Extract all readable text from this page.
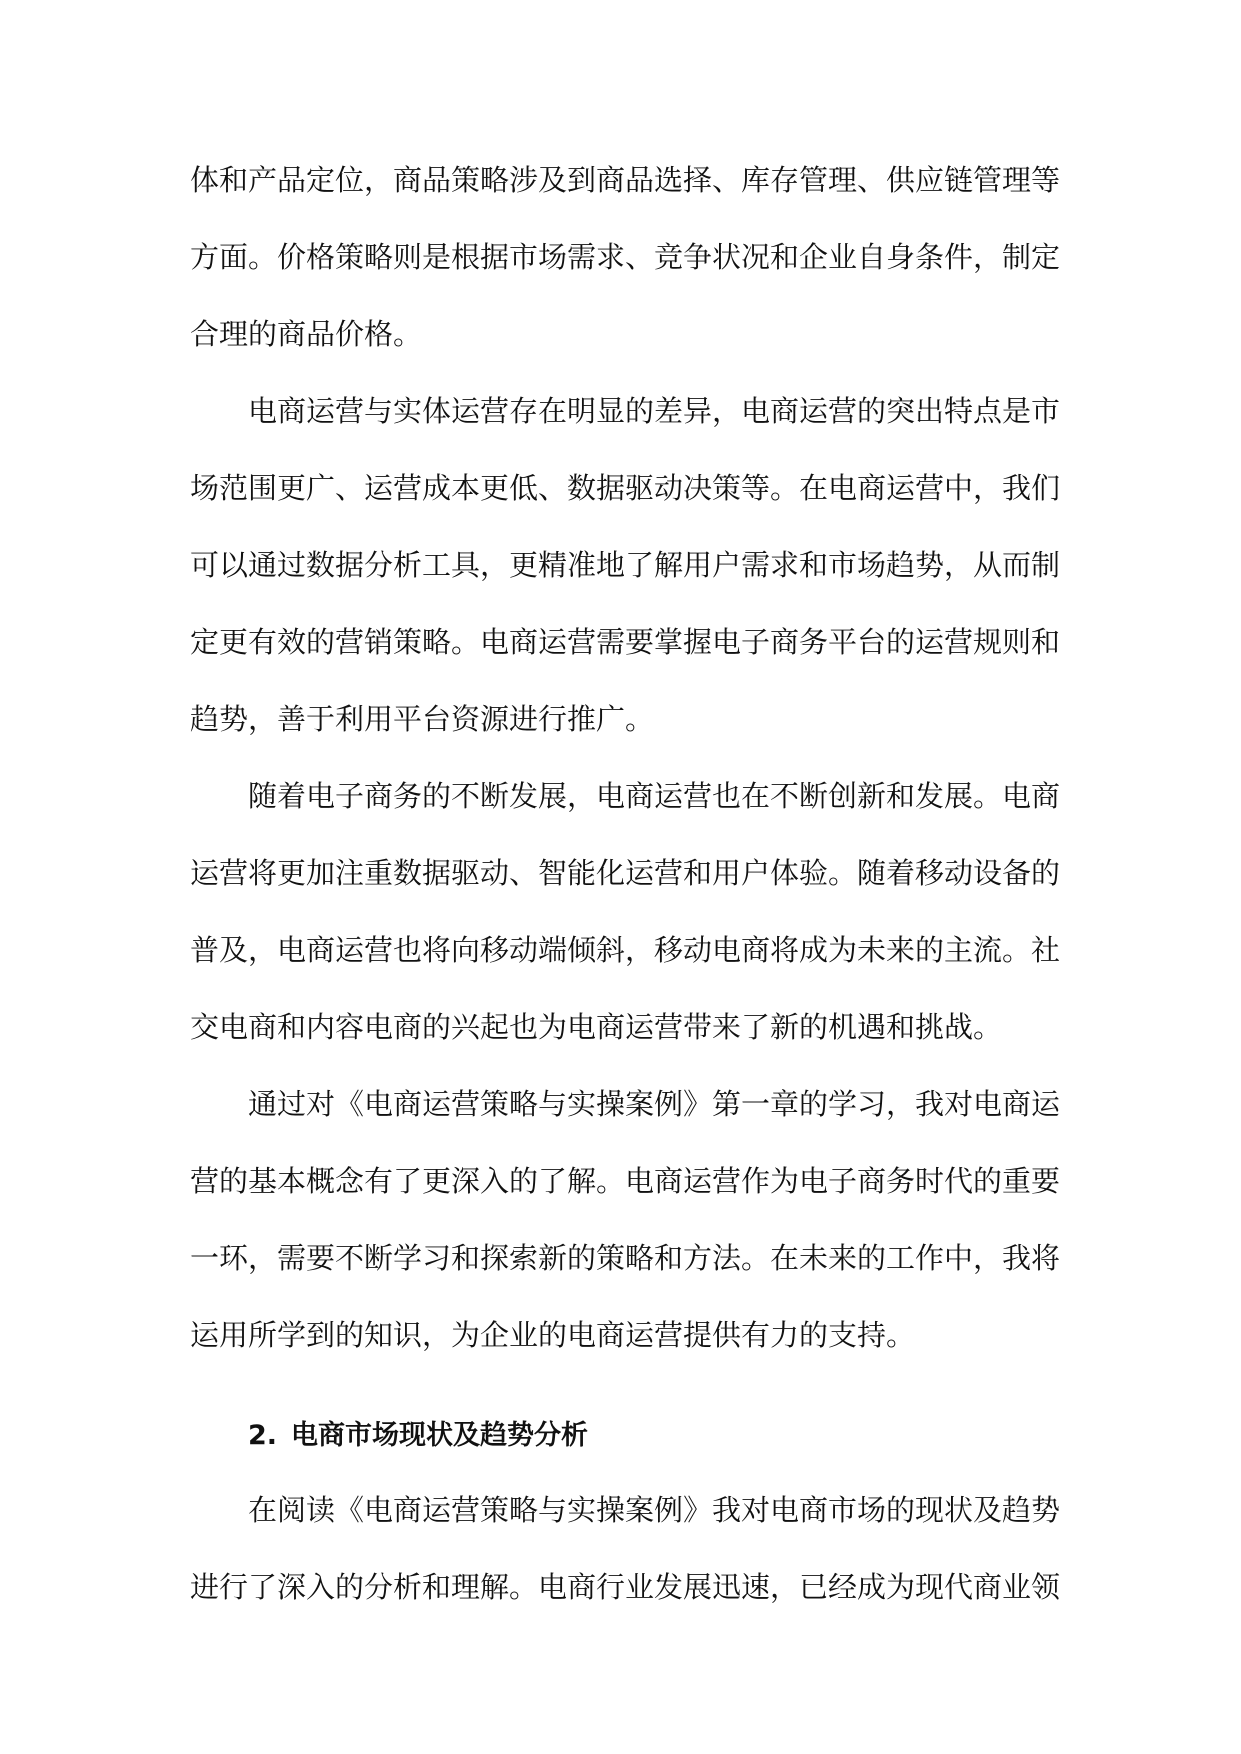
体和产品定位，商品策略涉及到商品选择、库存管理、供应链管理等
方面。价格策略则是根据市场需求、竞争状况和企业自身条件，制定
合理的商品价格。

电商运营与实体运营存在明显的差异，电商运营的突出特点是市
场范围更广、运营成本更低、数据驱动决策等。在电商运营中，我们
可以通过数据分析工具，更精准地了解用户需求和市场趋势，从而制
定更有效的营销策略。电商运营需要掌握电子商务平台的运营规则和
趋势，善于利用平台资源进行推广。

随着电子商务的不断发展，电商运营也在不断创新和发展。电商
运营将更加注重数据驱动、智能化运营和用户体验。随着移动设备的
普及，电商运营也将向移动端倾斜，移动电商将成为未来的主流。社
交电商和内容电商的兴起也为电商运营带来了新的机遇和挑战。

通过对《电商运营策略与实操案例》第一章的学习，我对电商运
营的基本概念有了更深入的了解。电商运营作为电子商务时代的重要
一环，需要不断学习和探索新的策略和方法。在未来的工作中，我将
运用所学到的知识，为企业的电商运营提供有力的支持。

2. 电商市场现状及趋势分析

在阅读《电商运营策略与实操案例》我对电商市场的现状及趋势
进行了深入的分析和理解。电商行业发展迅速，已经成为现代商业领
